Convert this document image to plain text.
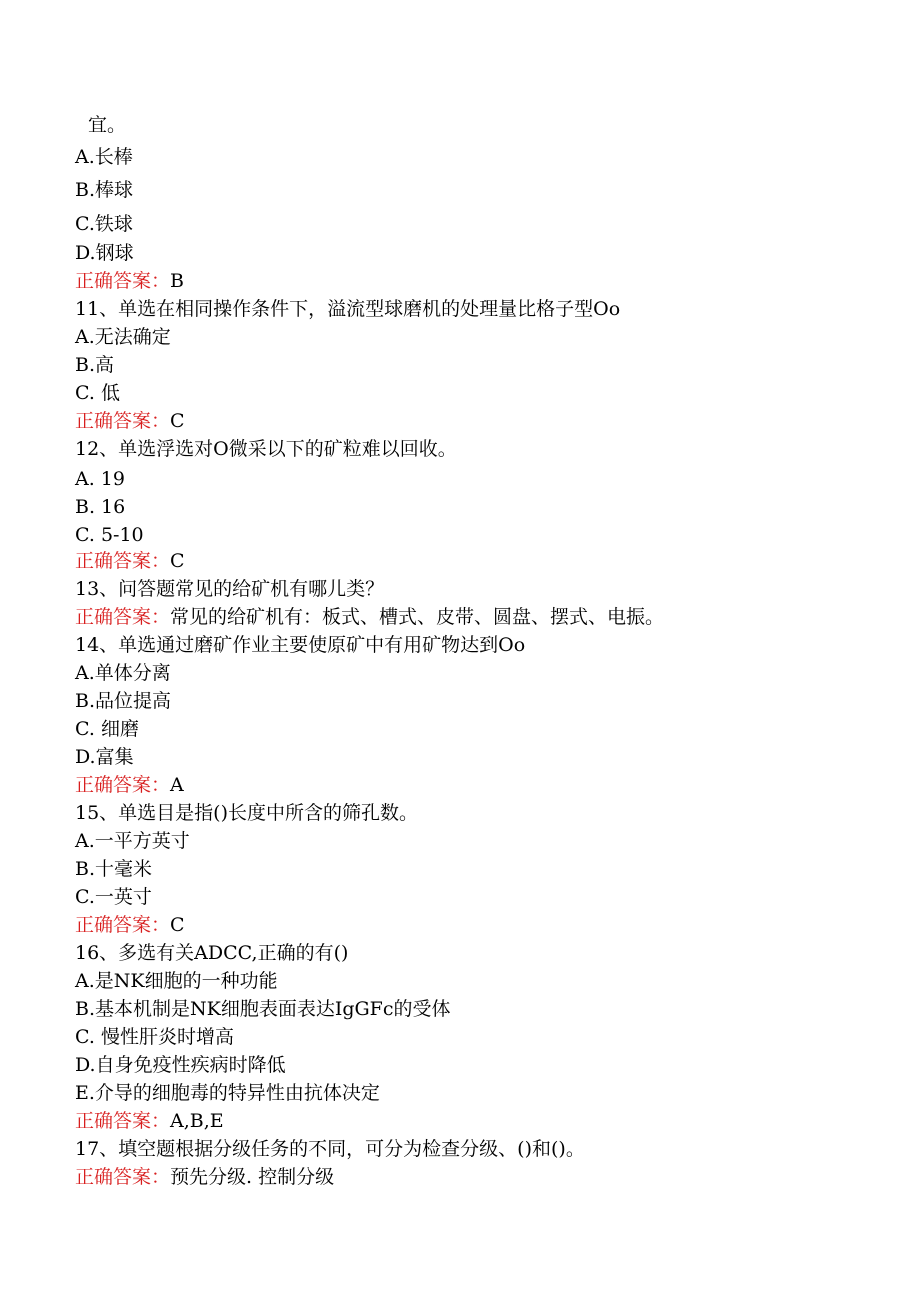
宜。

A.长棒

B.棒球

C.铁球

D.钢球

正确答案：B

11、单选在相同操作条件下，溢流型球磨机的处理量比格子型Oo

A.无法确定

B.高

C. 低

正确答案：C

12、单选浮选对O微采以下的矿粒难以回收。

A. 19

B. 16

C. 5-10

正确答案：C

13、问答题常见的给矿机有哪儿类？

正确答案：常见的给矿机有：板式、槽式、皮带、圆盘、摆式、电振。

14、单选通过磨矿作业主要使原矿中有用矿物达到Oo

A.单体分离

B.品位提高

C. 细磨

D.富集

正确答案：A

15、单选目是指()长度中所含的筛孔数。

A.一平方英寸

B.十毫米

C.一英寸

正确答案：C

16、多选有关ADCC,正确的有()

A.是NK细胞的一种功能

B.基本机制是NK细胞表面表达IgGFc的受体

C. 慢性肝炎时增高

D.自身免疫性疾病时降低

E.介导的细胞毒的特异性由抗体决定

正确答案：A,B,E

17、填空题根据分级任务的不同，可分为检查分级、()和()。

正确答案：预先分级. 控制分级
